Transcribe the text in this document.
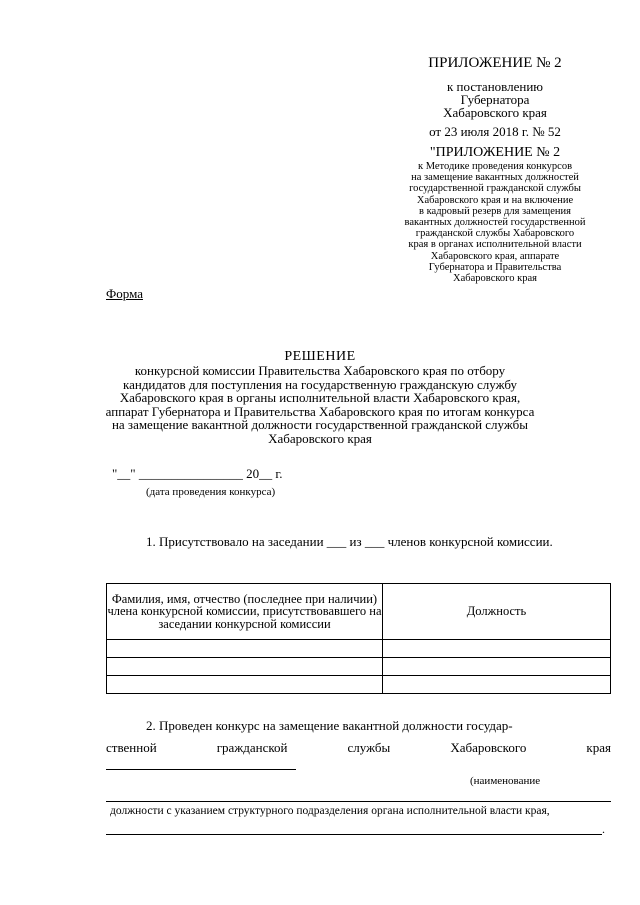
ПРИЛОЖЕНИЕ № 2
к постановлению
Губернатора
Хабаровского края
от 23 июля 2018 г. № 52
"ПРИЛОЖЕНИЕ № 2
к Методике проведения конкурсов
на замещение вакантных должностей
государственной гражданской службы
Хабаровского края и на включение
в кадровый резерв для замещения
вакантных должностей государственной
гражданской службы Хабаровского
края в органах исполнительной власти
Хабаровского края, аппарате
Губернатора и Правительства
Хабаровского края
Форма
РЕШЕНИЕ
конкурсной комиссии Правительства Хабаровского края по отбору
кандидатов для поступления на государственную гражданскую службу
Хабаровского края в органы исполнительной власти Хабаровского края,
аппарат Губернатора и Правительства Хабаровского края по итогам конкурса
на замещение вакантной должности государственной гражданской службы
Хабаровского края
"__" ________________ 20__ г.
(дата проведения конкурса)
1. Присутствовало на заседании ___ из ___ членов конкурсной комиссии.
Фамилия, имя, отчество (последнее при наличии) члена конкурсной комиссии, присутствовавшего на заседании конкурсной комиссии	Должность

2. Проведен конкурс на замещение вакантной должности государ-
ственной	гражданской	службы	Хабаровского	края
(наименование
должности с указанием структурного подразделения органа исполнительной власти края,
.
